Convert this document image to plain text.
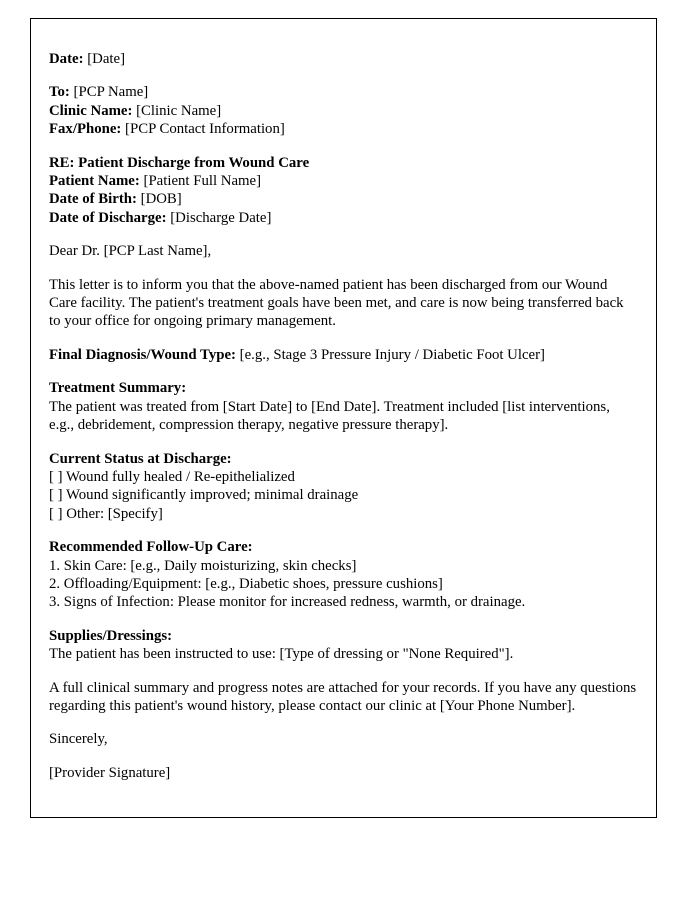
Date: [Date]

To: [PCP Name]
Clinic Name: [Clinic Name]
Fax/Phone: [PCP Contact Information]
RE: Patient Discharge from Wound Care
Patient Name: [Patient Full Name]
Date of Birth: [DOB]
Date of Discharge: [Discharge Date]

Dear Dr. [PCP Last Name],

This letter is to inform you that the above-named patient has been discharged from our Wound Care facility. The patient's treatment goals have been met, and care is now being transferred back to your office for ongoing primary management.

Final Diagnosis/Wound Type: [e.g., Stage 3 Pressure Injury / Diabetic Foot Ulcer]

Treatment Summary:
The patient was treated from [Start Date] to [End Date]. Treatment included [list interventions, e.g., debridement, compression therapy, negative pressure therapy].
Current Status at Discharge:
[ ] Wound fully healed / Re-epithelialized
[ ] Wound significantly improved; minimal drainage
[ ] Other: [Specify]
Recommended Follow-Up Care:
1. Skin Care: [e.g., Daily moisturizing, skin checks]
2. Offloading/Equipment: [e.g., Diabetic shoes, pressure cushions]
3. Signs of Infection: Please monitor for increased redness, warmth, or drainage.
Supplies/Dressings:
The patient has been instructed to use: [Type of dressing or "None Required"].

A full clinical summary and progress notes are attached for your records. If you have any questions regarding this patient's wound history, please contact our clinic at [Your Phone Number].

Sincerely,

[Provider Signature]
